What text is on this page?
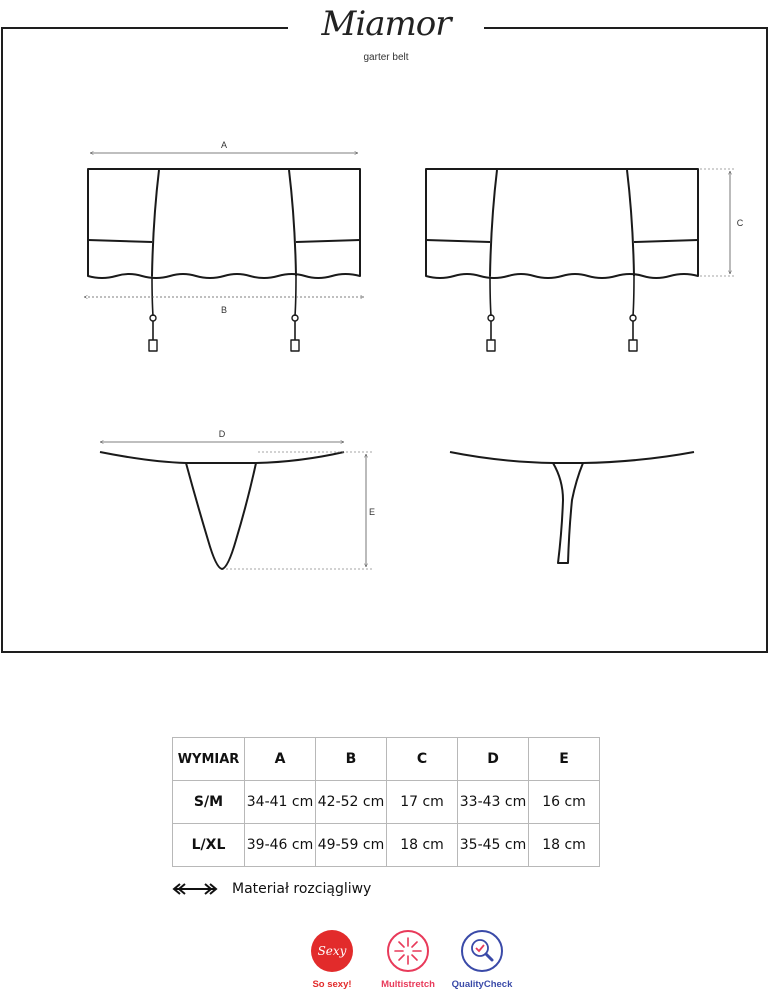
Miamor
garter belt
A
B
C
D
E
WYMIAR	A	B	C	D	E
S/M	34-41 cm	42-52 cm	17 cm	33-43 cm	16 cm
L/XL	39-46 cm	49-59 cm	18 cm	35-45 cm	18 cm
Materiał rozciągliwy
Sexy
So sexy!	Multistretch	QualityCheck
